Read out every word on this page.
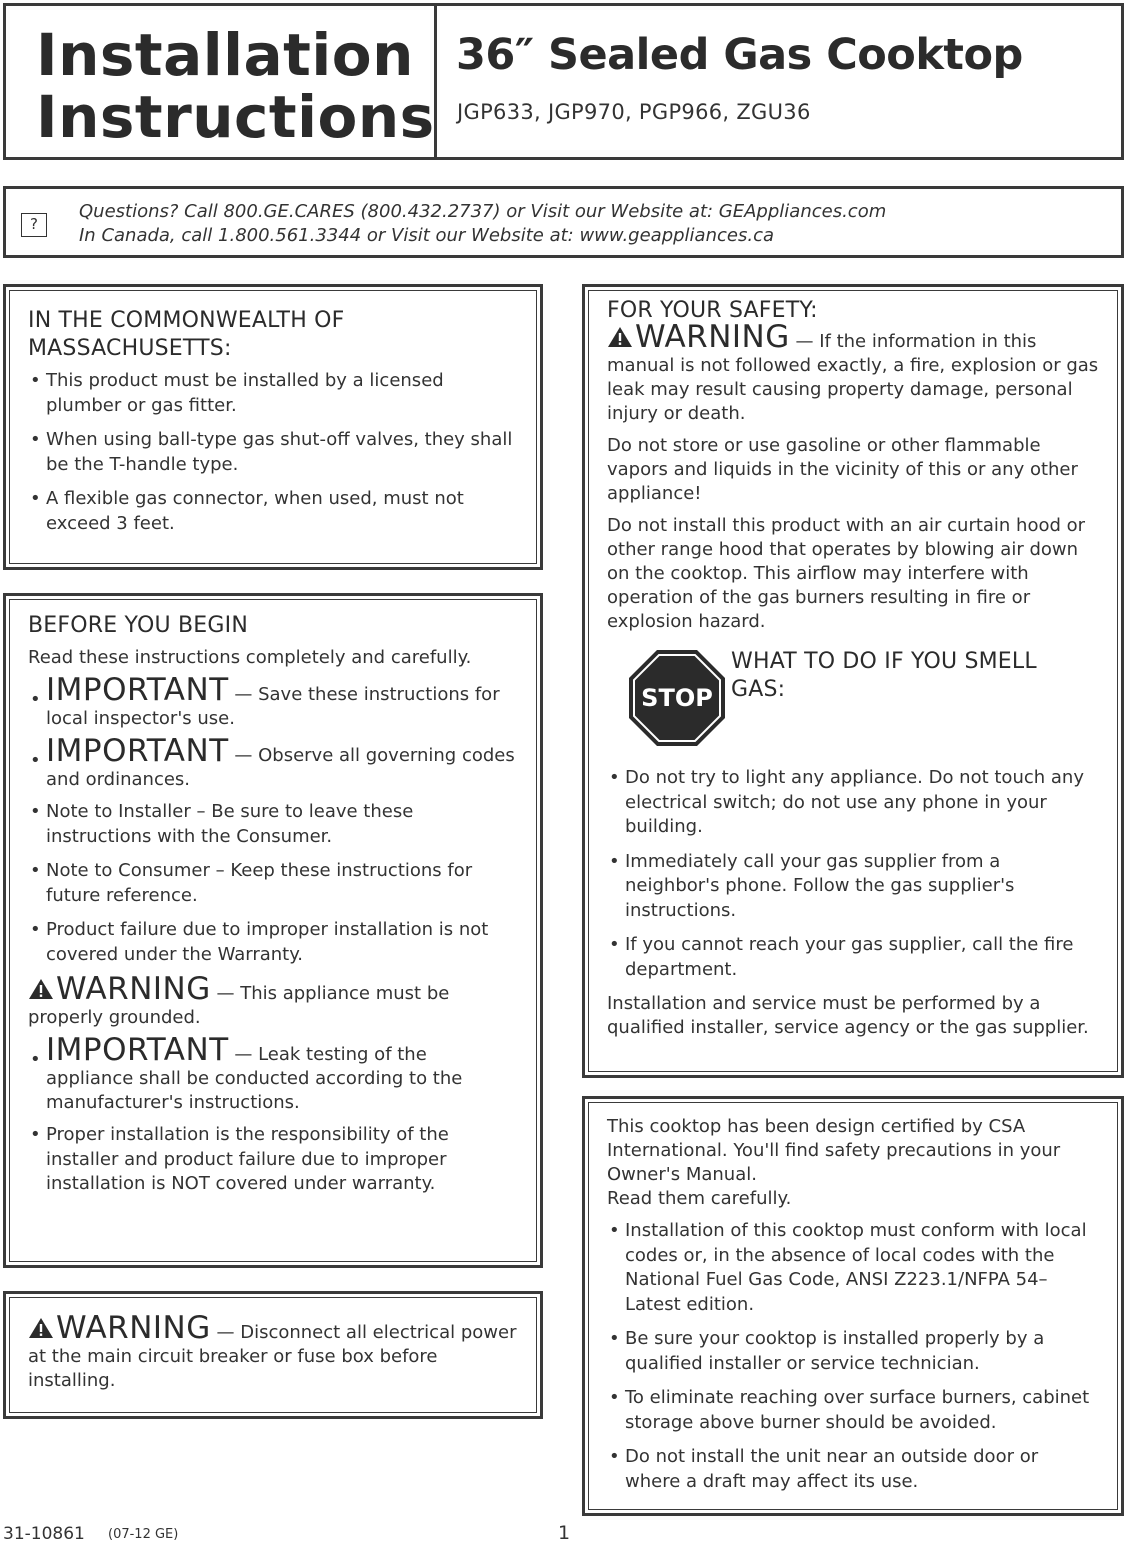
Installation
Instructions
36″ Sealed Gas Cooktop
JGP633, JGP970, PGP966, ZGU36
?
Questions? Call 800.GE.CARES (800.432.2737) or Visit our Website at: GEAppliances.com
In Canada, call 1.800.561.3344 or Visit our Website at: www.geappliances.ca
IN THE COMMONWEALTH OF
MASSACHUSETTS:
• This product must be installed by a licensed plumber or gas fitter.
• When using ball-type gas shut-off valves, they shall be the T-handle type.
• A flexible gas connector, when used, must not exceed 3 feet.
BEFORE YOU BEGIN

Read these instructions completely and carefully.

• IMPORTANT — Save these instructions for local inspector's use.
• IMPORTANT — Observe all governing codes and ordinances.
• Note to Installer – Be sure to leave these instructions with the Consumer.
• Note to Consumer – Keep these instructions for future reference.
• Product failure due to improper installation is not covered under the Warranty.
WARNING — This appliance must be properly grounded.
• IMPORTANT — Leak testing of the appliance shall be conducted according to the manufacturer's instructions.
• Proper installation is the responsibility of the installer and product failure due to improper installation is NOT covered under warranty.
WARNING — Disconnect all electrical power at the main circuit breaker or fuse box before installing.
FOR YOUR SAFETY:
WARNING — If the information in this manual is not followed exactly, a fire, explosion or gas leak may result causing property damage, personal injury or death.

Do not store or use gasoline or other flammable vapors and liquids in the vicinity of this or any other appliance!

Do not install this product with an air curtain hood or other range hood that operates by blowing air down on the cooktop. This airflow may interfere with operation of the gas burners resulting in fire or explosion hazard.

STOP
WHAT TO DO IF YOU SMELL
GAS:
• Do not try to light any appliance. Do not touch any electrical switch; do not use any phone in your building.
• Immediately call your gas supplier from a neighbor's phone. Follow the gas supplier's instructions.
• If you cannot reach your gas supplier, call the fire department.

Installation and service must be performed by a qualified installer, service agency or the gas supplier.

This cooktop has been design certified by CSA International. You'll find safety precautions in your Owner's Manual.

Read them carefully.

• Installation of this cooktop must conform with local codes or, in the absence of local codes with the National Fuel Gas Code, ANSI Z223.1/NFPA 54–Latest edition.
• Be sure your cooktop is installed properly by a qualified installer or service technician.
• To eliminate reaching over surface burners, cabinet storage above burner should be avoided.
• Do not install the unit near an outside door or where a draft may affect its use.
31-10861 (07-12 GE)	1
